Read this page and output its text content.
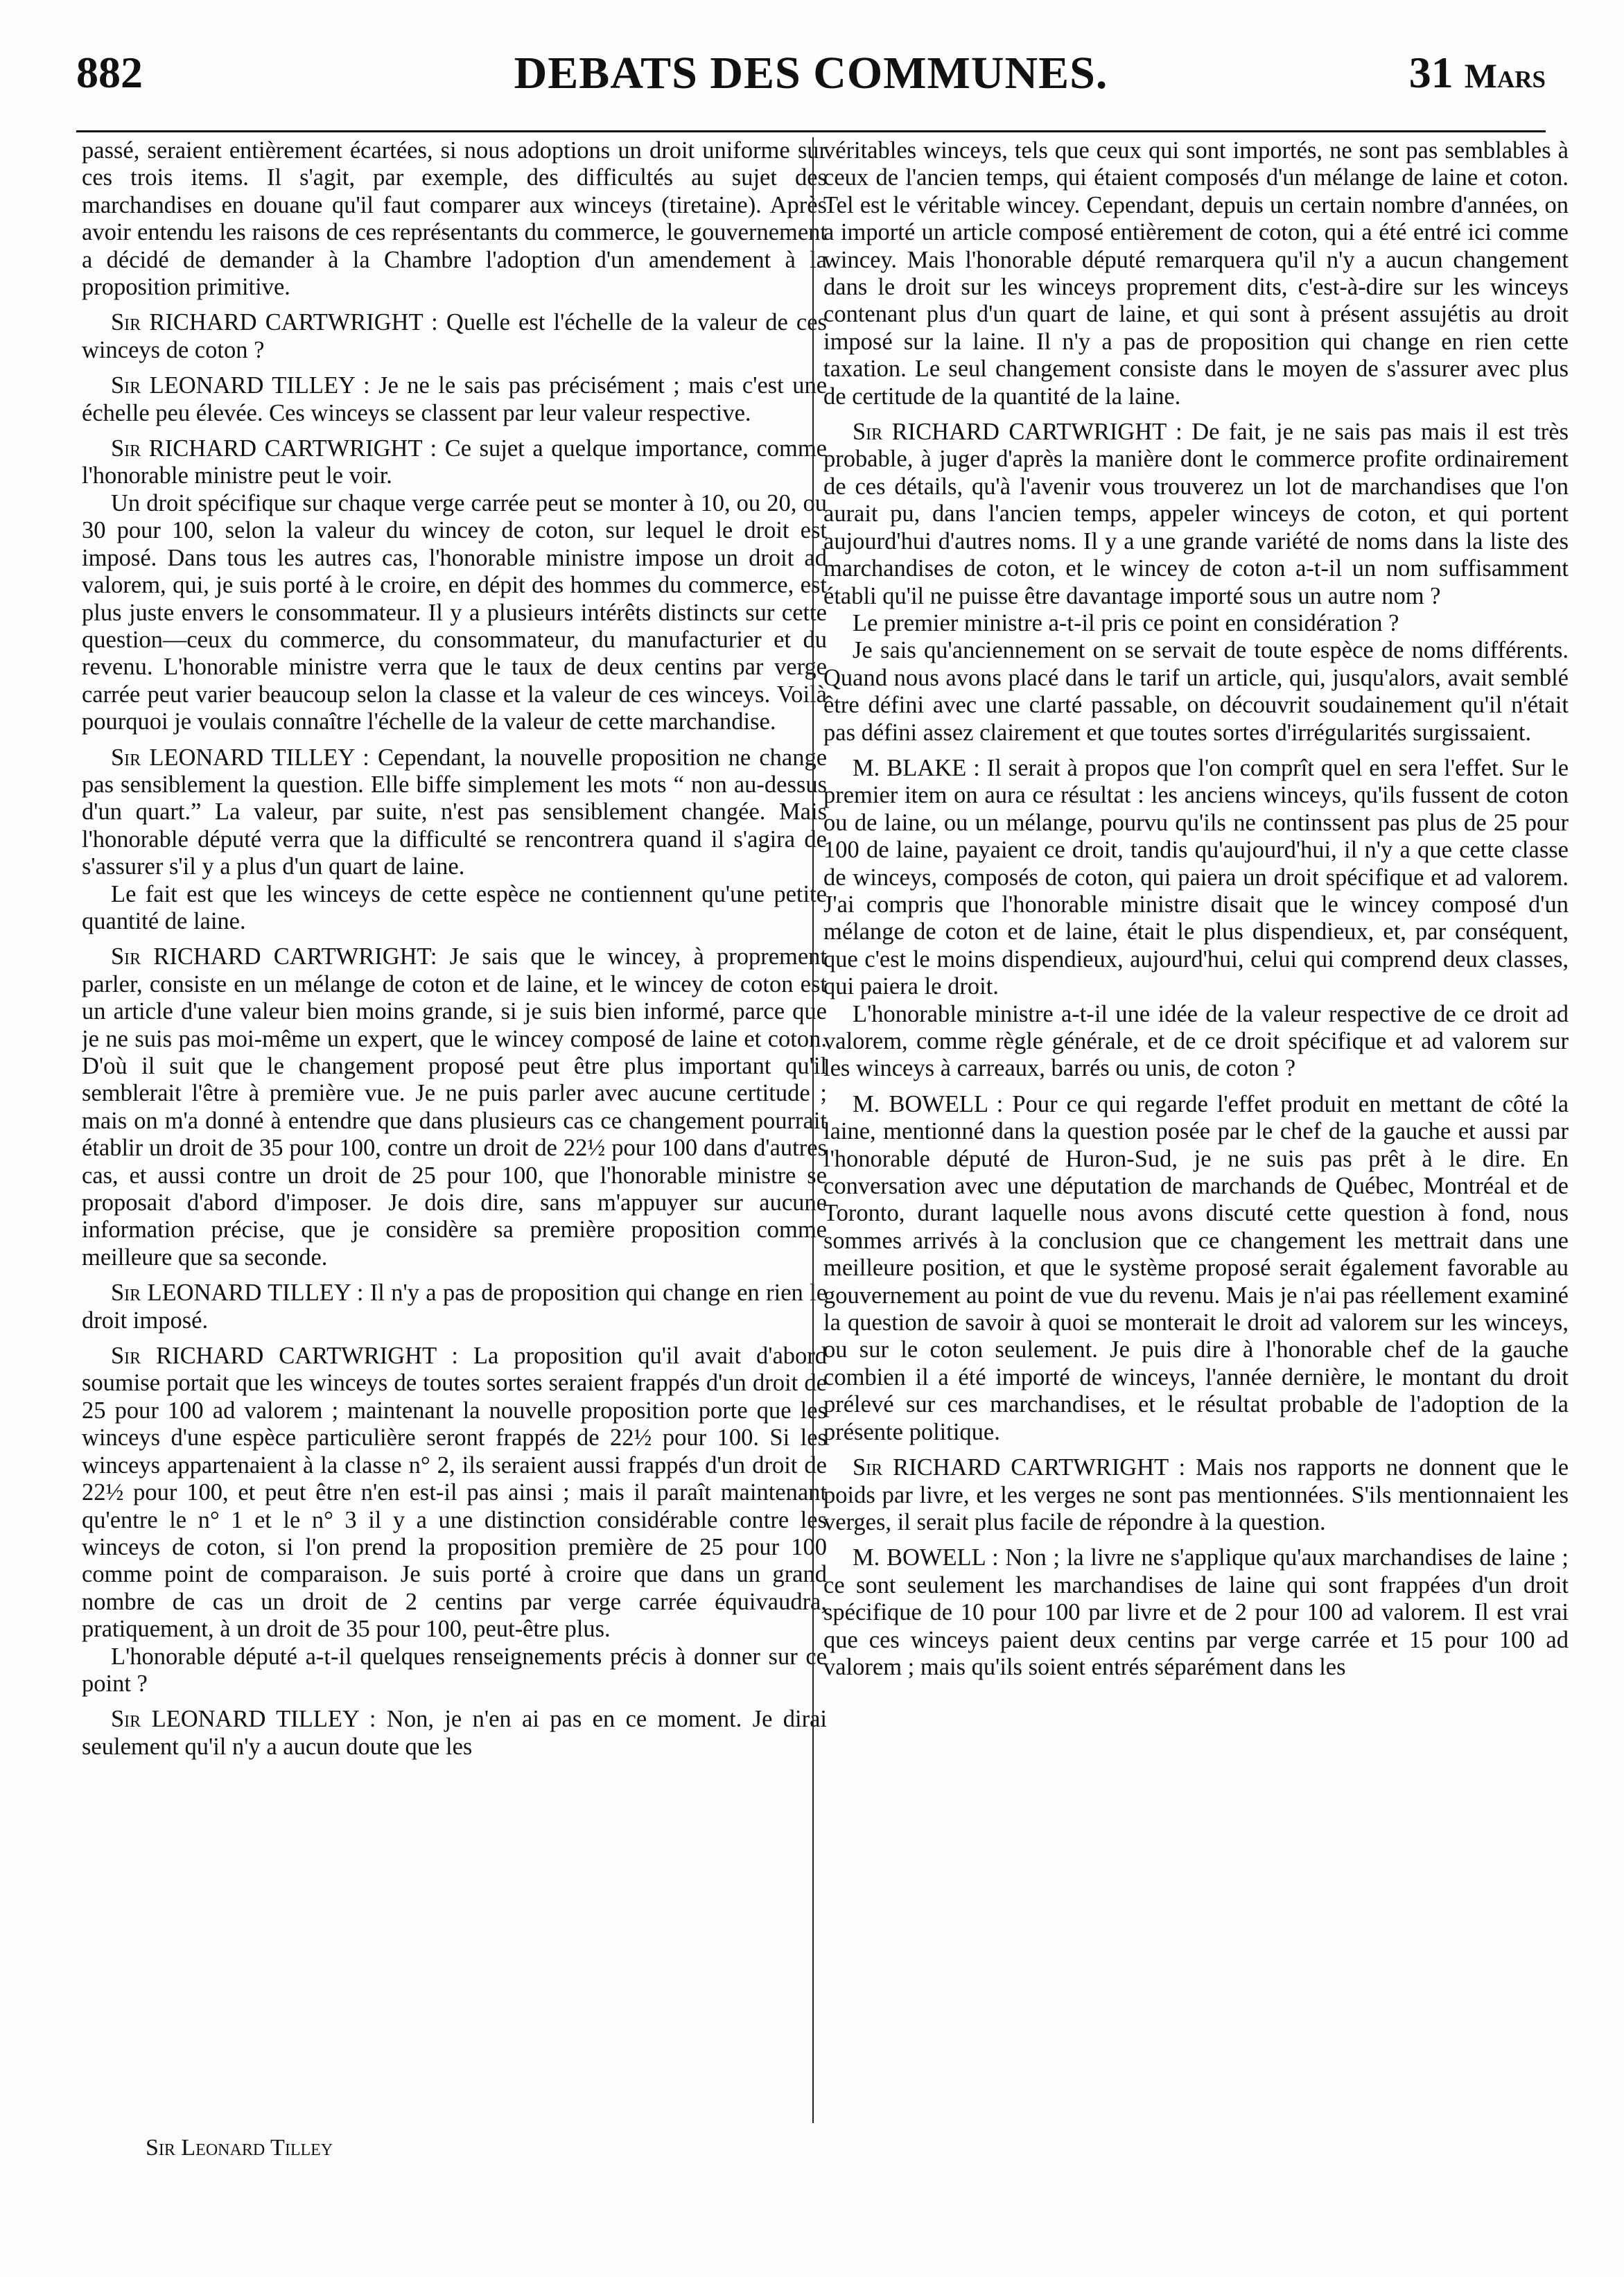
DEBATS DES COMMUNES.
882	31 Mars

passé, seraient entièrement écartées, si nous adoptions un droit uniforme sur ces trois items. Il s'agit, par exemple, des difficultés au sujet des marchandises en douane qu'il faut comparer aux winceys (tiretaine). Après avoir entendu les raisons de ces représentants du commerce, le gouvernement a décidé de demander à la Chambre l'adoption d'un amendement à la proposition primitive.

Sir RICHARD CARTWRIGHT : Quelle est l'échelle de la valeur de ces winceys de coton ?

Sir LEONARD TILLEY : Je ne le sais pas précisément ; mais c'est une échelle peu élevée. Ces winceys se classent par leur valeur respective.

Sir RICHARD CARTWRIGHT : Ce sujet a quelque importance, comme l'honorable ministre peut le voir.

Un droit spécifique sur chaque verge carrée peut se monter à 10, ou 20, ou 30 pour 100, selon la valeur du wincey de coton, sur lequel le droit est imposé. Dans tous les autres cas, l'honorable ministre impose un droit ad valorem, qui, je suis porté à le croire, en dépit des hommes du commerce, est plus juste envers le consommateur. Il y a plusieurs intérêts distincts sur cette question—ceux du commerce, du consommateur, du manufacturier et du revenu. L'honorable ministre verra que le taux de deux centins par verge carrée peut varier beaucoup selon la classe et la valeur de ces winceys. Voilà pourquoi je voulais connaître l'échelle de la valeur de cette marchandise.

Sir LEONARD TILLEY : Cependant, la nouvelle proposition ne change pas sensiblement la question. Elle biffe simplement les mots “ non au-dessus d'un quart.” La valeur, par suite, n'est pas sensiblement changée. Mais l'honorable député verra que la difficulté se rencontrera quand il s'agira de s'assurer s'il y a plus d'un quart de laine.

Le fait est que les winceys de cette espèce ne contiennent qu'une petite quantité de laine.

Sir RICHARD CARTWRIGHT: Je sais que le wincey, à proprement parler, consiste en un mélange de coton et de laine, et le wincey de coton est un article d'une valeur bien moins grande, si je suis bien informé, parce que je ne suis pas moi-même un expert, que le wincey composé de laine et coton. D'où il suit que le changement proposé peut être plus important qu'il semblerait l'être à première vue. Je ne puis parler avec aucune certitude ; mais on m'a donné à entendre que dans plusieurs cas ce changement pourrait établir un droit de 35 pour 100, contre un droit de 22½ pour 100 dans d'autres cas, et aussi contre un droit de 25 pour 100, que l'honorable ministre se proposait d'abord d'imposer. Je dois dire, sans m'appuyer sur aucune information précise, que je considère sa première proposition comme meilleure que sa seconde.

Sir LEONARD TILLEY : Il n'y a pas de proposition qui change en rien le droit imposé.

Sir RICHARD CARTWRIGHT : La proposition qu'il avait d'abord soumise portait que les winceys de toutes sortes seraient frappés d'un droit de 25 pour 100 ad valorem ; maintenant la nouvelle proposition porte que les winceys d'une espèce particulière seront frappés de 22½ pour 100. Si les winceys appartenaient à la classe n° 2, ils seraient aussi frappés d'un droit de 22½ pour 100, et peut être n'en est-il pas ainsi ; mais il paraît maintenant qu'entre le n° 1 et le n° 3 il y a une distinction considérable contre les winceys de coton, si l'on prend la proposition première de 25 pour 100 comme point de comparaison. Je suis porté à croire que dans un grand nombre de cas un droit de 2 centins par verge carrée équivaudra, pratiquement, à un droit de 35 pour 100, peut-être plus.

L'honorable député a-t-il quelques renseignements précis à donner sur ce point ?

Sir LEONARD TILLEY : Non, je n'en ai pas en ce moment. Je dirai seulement qu'il n'y a aucun doute que les

véritables winceys, tels que ceux qui sont importés, ne sont pas semblables à ceux de l'ancien temps, qui étaient composés d'un mélange de laine et coton. Tel est le véritable wincey. Cependant, depuis un certain nombre d'années, on a importé un article composé entièrement de coton, qui a été entré ici comme wincey. Mais l'honorable député remarquera qu'il n'y a aucun changement dans le droit sur les winceys proprement dits, c'est-à-dire sur les winceys contenant plus d'un quart de laine, et qui sont à présent assujétis au droit imposé sur la laine. Il n'y a pas de proposition qui change en rien cette taxation. Le seul changement consiste dans le moyen de s'assurer avec plus de certitude de la quantité de la laine.

Sir RICHARD CARTWRIGHT : De fait, je ne sais pas mais il est très probable, à juger d'après la manière dont le commerce profite ordinairement de ces détails, qu'à l'avenir vous trouverez un lot de marchandises que l'on aurait pu, dans l'ancien temps, appeler winceys de coton, et qui portent aujourd'hui d'autres noms. Il y a une grande variété de noms dans la liste des marchandises de coton, et le wincey de coton a-t-il un nom suffisamment établi qu'il ne puisse être davantage importé sous un autre nom ?

Le premier ministre a-t-il pris ce point en considération ?

Je sais qu'anciennement on se servait de toute espèce de noms différents. Quand nous avons placé dans le tarif un article, qui, jusqu'alors, avait semblé être défini avec une clarté passable, on découvrit soudainement qu'il n'était pas défini assez clairement et que toutes sortes d'irrégularités surgissaient.

M. BLAKE : Il serait à propos que l'on comprît quel en sera l'effet. Sur le premier item on aura ce résultat : les anciens winceys, qu'ils fussent de coton ou de laine, ou un mélange, pourvu qu'ils ne continssent pas plus de 25 pour 100 de laine, payaient ce droit, tandis qu'aujourd'hui, il n'y a que cette classe de winceys, composés de coton, qui paiera un droit spécifique et ad valorem. J'ai compris que l'honorable ministre disait que le wincey composé d'un mélange de coton et de laine, était le plus dispendieux, et, par conséquent, que c'est le moins dispendieux, aujourd'hui, celui qui comprend deux classes, qui paiera le droit.

L'honorable ministre a-t-il une idée de la valeur respective de ce droit ad valorem, comme règle générale, et de ce droit spécifique et ad valorem sur les winceys à carreaux, barrés ou unis, de coton ?

M. BOWELL : Pour ce qui regarde l'effet produit en mettant de côté la laine, mentionné dans la question posée par le chef de la gauche et aussi par l'honorable député de Huron-Sud, je ne suis pas prêt à le dire. En conversation avec une députation de marchands de Québec, Montréal et de Toronto, durant laquelle nous avons discuté cette question à fond, nous sommes arrivés à la conclusion que ce changement les mettrait dans une meilleure position, et que le système proposé serait également favorable au gouvernement au point de vue du revenu. Mais je n'ai pas réellement examiné la question de savoir à quoi se monterait le droit ad valorem sur les winceys, ou sur le coton seulement. Je puis dire à l'honorable chef de la gauche combien il a été importé de winceys, l'année dernière, le montant du droit prélevé sur ces marchandises, et le résultat probable de l'adoption de la présente politique.

Sir RICHARD CARTWRIGHT : Mais nos rapports ne donnent que le poids par livre, et les verges ne sont pas mentionnées. S'ils mentionnaient les verges, il serait plus facile de répondre à la question.

M. BOWELL : Non ; la livre ne s'applique qu'aux marchandises de laine ; ce sont seulement les marchandises de laine qui sont frappées d'un droit spécifique de 10 pour 100 par livre et de 2 pour 100 ad valorem. Il est vrai que ces winceys paient deux centins par verge carrée et 15 pour 100 ad valorem ; mais qu'ils soient entrés séparément dans les

Sir Leonard Tilley
